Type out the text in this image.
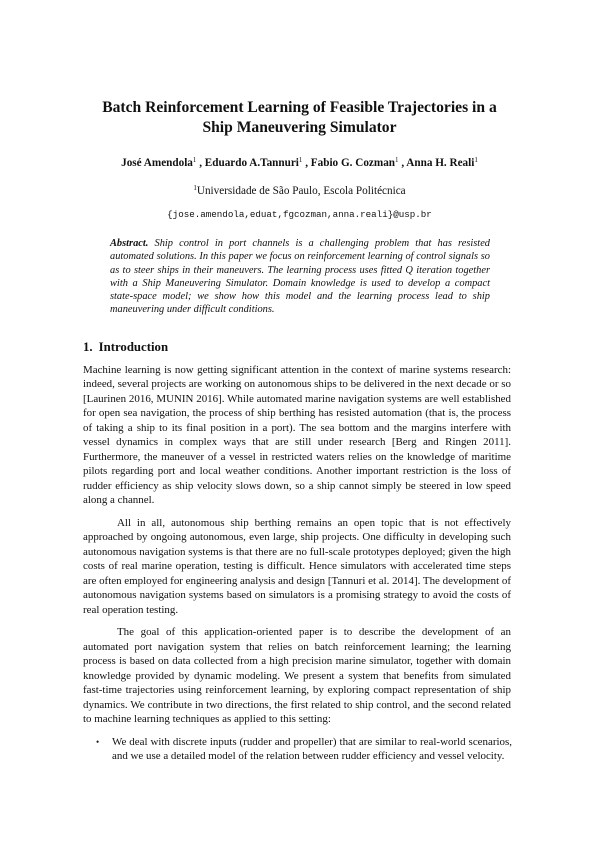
Batch Reinforcement Learning of Feasible Trajectories in a Ship Maneuvering Simulator
José Amendola$^1$ , Eduardo A.Tannuri$^1$ , Fabio G. Cozman$^1$ , Anna H. Reali$^1$
$^1$Universidade de São Paulo, Escola Politécnica
{jose.amendola,eduat,fgcozman,anna.reali}@usp.br
Abstract. Ship control in port channels is a challenging problem that has resisted automated solutions. In this paper we focus on reinforcement learning of control signals so as to steer ships in their maneuvers. The learning process uses fitted Q iteration together with a Ship Maneuvering Simulator. Domain knowledge is used to develop a compact state-space model; we show how this model and the learning process lead to ship maneuvering under difficult conditions.
1. Introduction

Machine learning is now getting significant attention in the context of marine systems research: indeed, several projects are working on autonomous ships to be delivered in the next decade or so [Laurinen 2016, MUNIN 2016]. While automated marine navigation systems are well established for open sea navigation, the process of ship berthing has resisted automation (that is, the process of taking a ship to its final position in a port). The sea bottom and the margins interfere with vessel dynamics in complex ways that are still under research [Berg and Ringen 2011]. Furthermore, the maneuver of a vessel in restricted waters relies on the knowledge of maritime pilots regarding port and local weather conditions. Another important restriction is the loss of rudder efficiency as ship velocity slows down, so a ship cannot simply be steered in low speed along a channel.

All in all, autonomous ship berthing remains an open topic that is not effectively approached by ongoing autonomous, even large, ship projects. One difficulty in developing such autonomous navigation systems is that there are no full-scale prototypes deployed; given the high costs of real marine operation, testing is difficult. Hence simulators with accelerated time steps are often employed for engineering analysis and design [Tannuri et al. 2014]. The development of autonomous navigation systems based on simulators is a promising strategy to avoid the costs of real operation testing.

The goal of this application-oriented paper is to describe the development of an automated port navigation system that relies on batch reinforcement learning; the learning process is based on data collected from a high precision marine simulator, together with domain knowledge provided by dynamic modeling. We present a system that benefits from simulated fast-time trajectories using reinforcement learning, by exploring compact representation of ship dynamics. We contribute in two directions, the first related to ship control, and the second related to machine learning techniques as applied to this setting:

• We deal with discrete inputs (rudder and propeller) that are similar to real-world scenarios, and we use a detailed model of the relation between rudder efficiency and vessel velocity.
